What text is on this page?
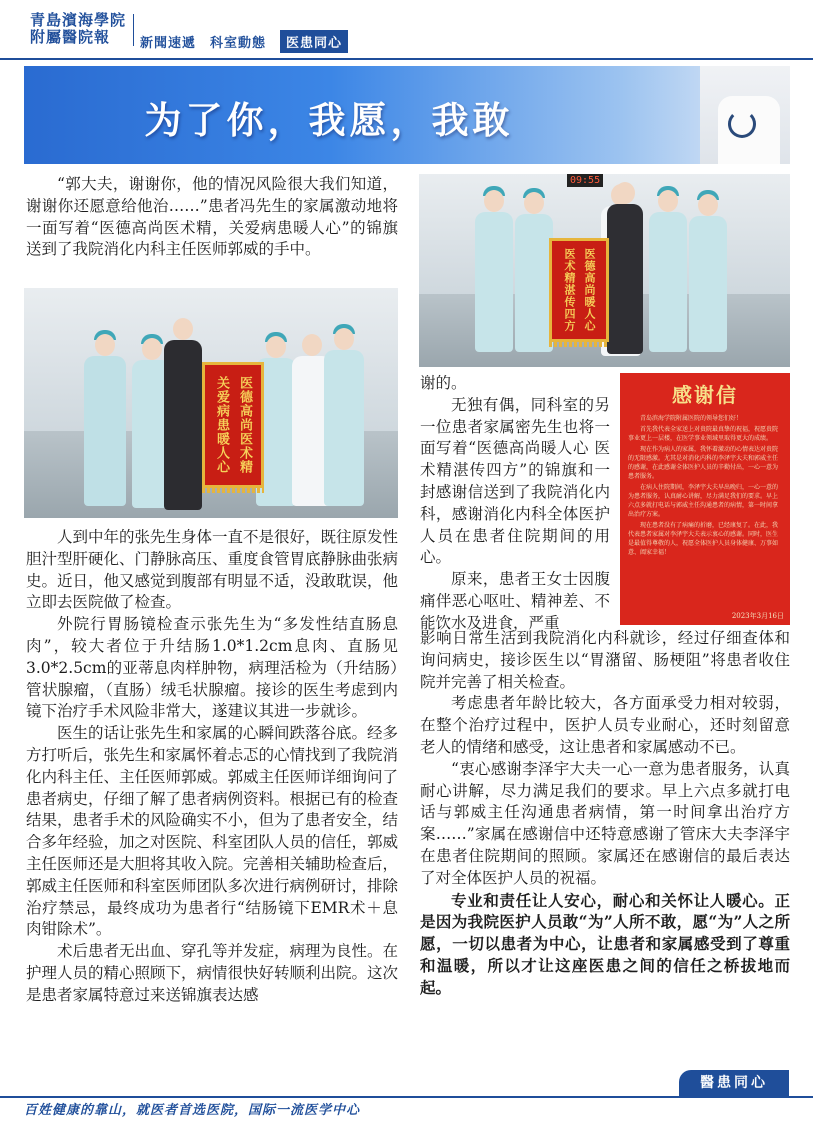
青島濱海學院
附屬醫院報	新聞速遞 科室動態	医患同心
为了你，我愿，我敢

“郭大夫，谢谢你，他的情况风险很大我们知道，谢谢你还愿意给他治……”患者冯先生的家属激动地将一面写着“医德高尚医术精，关爱病患暖人心”的锦旗送到了我院消化内科主任医师郭威的手中。

医德高尚医术精
关爱病患暖人心
09:55
医德高尚暖人心
医术精湛传四方

人到中年的张先生身体一直不是很好，既往原发性胆汁型肝硬化、门静脉高压、重度食管胃底静脉曲张病史。近日，他又感觉到腹部有明显不适，没敢耽误，他立即去医院做了检查。

外院行胃肠镜检查示张先生为“多发性结直肠息肉”，较大者位于升结肠1.0*1.2cm息肉、直肠见3.0*2.5cm的亚蒂息肉样肿物，病理活检为（升结肠）管状腺瘤，（直肠）绒毛状腺瘤。接诊的医生考虑到内镜下治疗手术风险非常大，遂建议其进一步就诊。

医生的话让张先生和家属的心瞬间跌落谷底。经多方打听后，张先生和家属怀着忐忑的心情找到了我院消化内科主任、主任医师郭威。郭威主任医师详细询问了患者病史，仔细了解了患者病例资料。根据已有的检查结果，患者手术的风险确实不小，但为了患者安全，结合多年经验，加之对医院、科室团队人员的信任，郭威主任医师还是大胆将其收入院。完善相关辅助检查后，郭威主任医师和科室医师团队多次进行病例研讨，排除治疗禁忌，最终成功为患者行“结肠镜下EMR术＋息肉钳除术”。

术后患者无出血、穿孔等并发症，病理为良性。在护理人员的精心照顾下，病情很快好转顺利出院。这次是患者家属特意过来送锦旗表达感

谢的。

无独有偶，同科室的另一位患者家属密先生也将一面写着“医德高尚暖人心 医术精湛传四方”的锦旗和一封感谢信送到了我院消化内科，感谢消化内科全体医护人员在患者住院期间的用心。

原来，患者王女士因腹痛伴恶心呕吐、精神差、不能饮水及进食，严重

感谢信

青岛滨海学院附属医院的领导您们好！

首先我代表全家送上对贵院最真挚的祝福，祝愿贵院事业更上一层楼，在医学事业领域里取得更大的成绩。

现在作为病人的家属，我怀着激动的心情表达对贵院的无限感激。尤其是对消化内科的李泽宇大夫和郭威主任的感谢，在此感谢全体医护人员的辛勤付出，一心一意为患者服务。

在病人住院期间，李泽宇大夫早出晚归，一心一意的为患者服务，认真耐心讲解，尽力满足我们的要求。早上六点多就打电话与郭威主任沟通患者的病情，第一时间拿出治疗方案。

现在患者没有了病痛的折磨，已经康复了。在此，我代表患者家属对李泽宇大夫表示衷心的感谢。同时，医生是最值得尊敬的人，祝愿全体医护人员身体健康、万事如意、阖家幸福！

2023年3月16日

影响日常生活到我院消化内科就诊，经过仔细查体和询问病史，接诊医生以“胃潴留、肠梗阻”将患者收住院并完善了相关检查。

考虑患者年龄比较大，各方面承受力相对较弱，在整个治疗过程中，医护人员专业耐心，还时刻留意老人的情绪和感受，这让患者和家属感动不已。

“衷心感谢李泽宇大夫一心一意为患者服务，认真耐心讲解，尽力满足我们的要求。早上六点多就打电话与郭威主任沟通患者病情，第一时间拿出治疗方案……”家属在感谢信中还特意感谢了管床大夫李泽宇在患者住院期间的照顾。家属还在感谢信的最后表达了对全体医护人员的祝福。

专业和责任让人安心，耐心和关怀让人暖心。正是因为我院医护人员敢“为”人所不敢，愿“为”人之所愿，一切以患者为中心，让患者和家属感受到了尊重和温暖，所以才让这座医患之间的信任之桥拔地而起。

醫患同心
百姓健康的靠山，就医者首选医院，国际一流医学中心
